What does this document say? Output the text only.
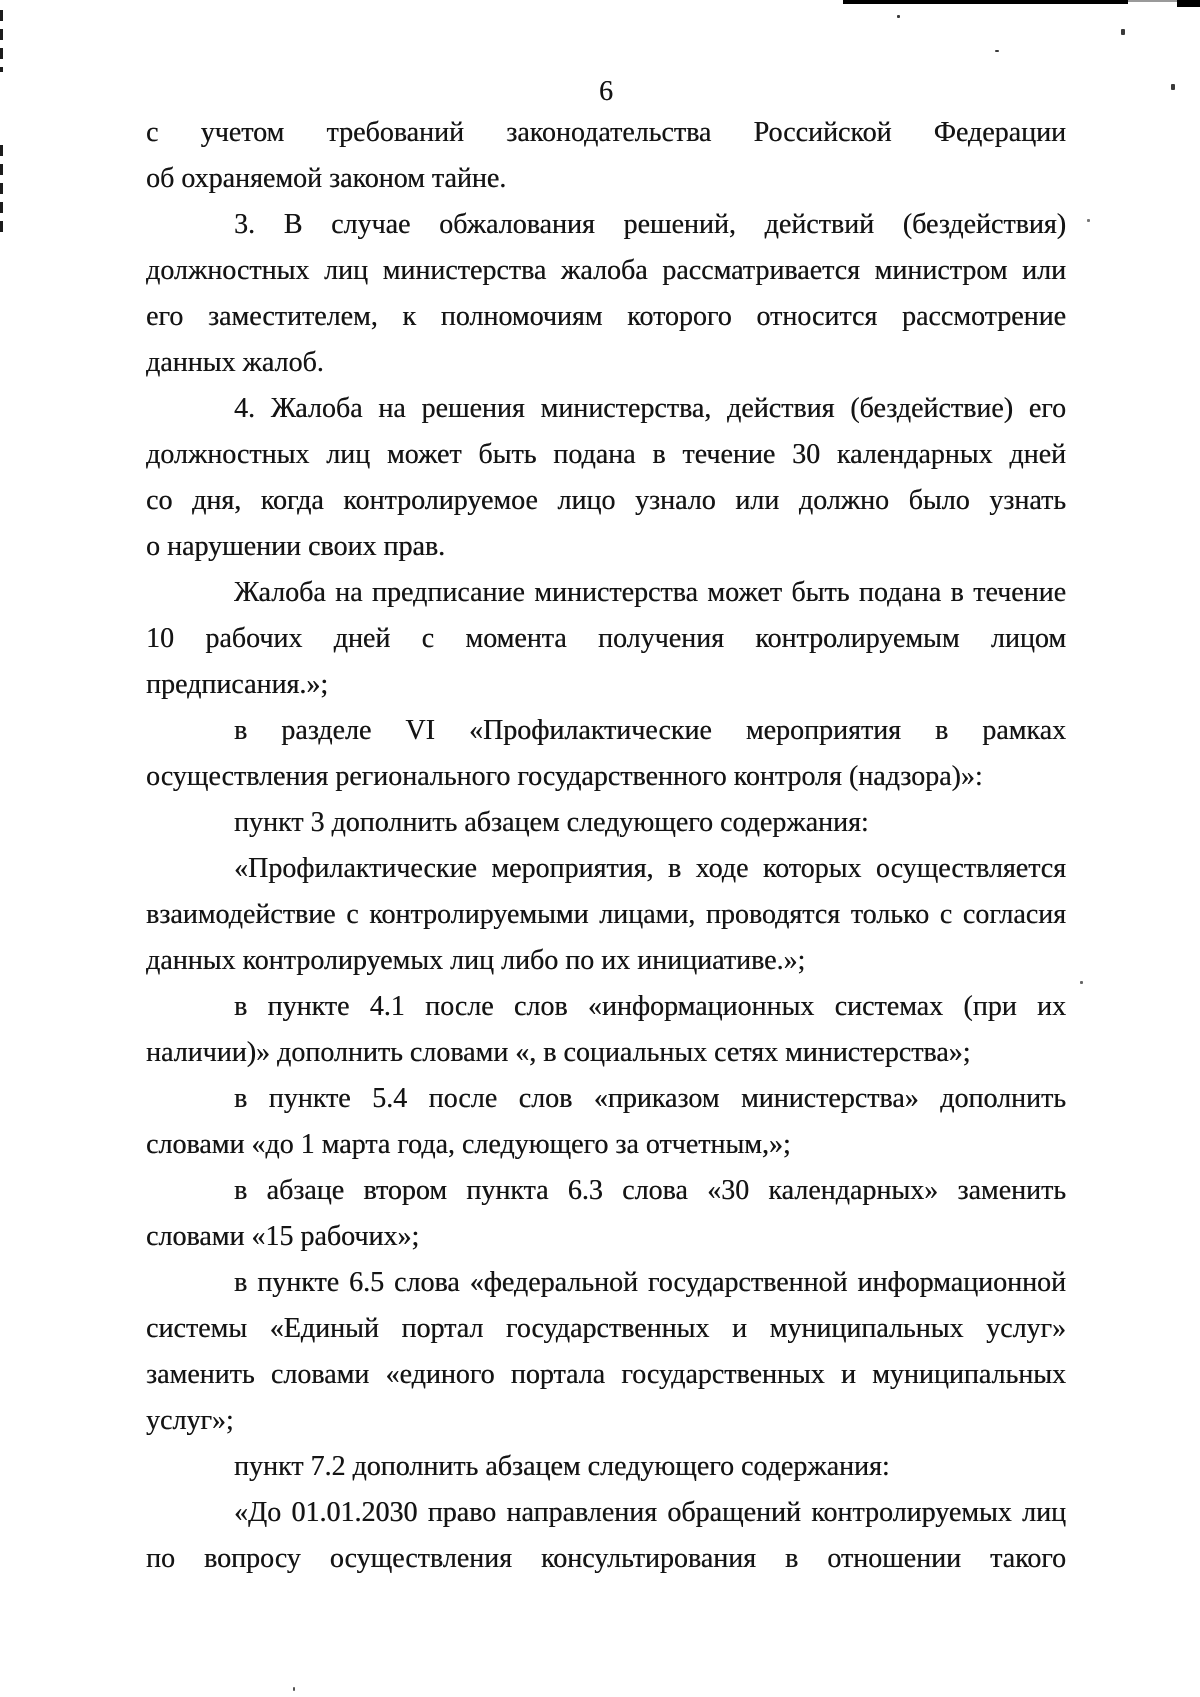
6
с учетом требований законодательства Российской Федерации
об охраняемой законом тайне.
3. В случае обжалования решений, действий (бездействия)
должностных лиц министерства жалоба рассматривается министром или
его заместителем, к полномочиям которого относится рассмотрение
данных жалоб.
4. Жалоба на решения министерства, действия (бездействие) его
должностных лиц может быть подана в течение 30 календарных дней
со дня, когда контролируемое лицо узнало или должно было узнать
о нарушении своих прав.
Жалоба на предписание министерства может быть подана в течение
10 рабочих дней с момента получения контролируемым лицом
предписания.»;
в разделе VI «Профилактические мероприятия в рамках
осуществления регионального государственного контроля (надзора)»:
пункт 3 дополнить абзацем следующего содержания:
«Профилактические мероприятия, в ходе которых осуществляется
взаимодействие с контролируемыми лицами, проводятся только с согласия
данных контролируемых лиц либо по их инициативе.»;
в пункте 4.1 после слов «информационных системах (при их
наличии)» дополнить словами «, в социальных сетях министерства»;
в пункте 5.4 после слов «приказом министерства» дополнить
словами «до 1 марта года, следующего за отчетным,»;
в абзаце втором пункта 6.3 слова «30 календарных» заменить
словами «15 рабочих»;
в пункте 6.5 слова «федеральной государственной информационной
системы «Единый портал государственных и муниципальных услуг»
заменить словами «единого портала государственных и муниципальных
услуг»;
пункт 7.2 дополнить абзацем следующего содержания:
«До 01.01.2030 право направления обращений контролируемых лиц
по вопросу осуществления консультирования в отношении такого
